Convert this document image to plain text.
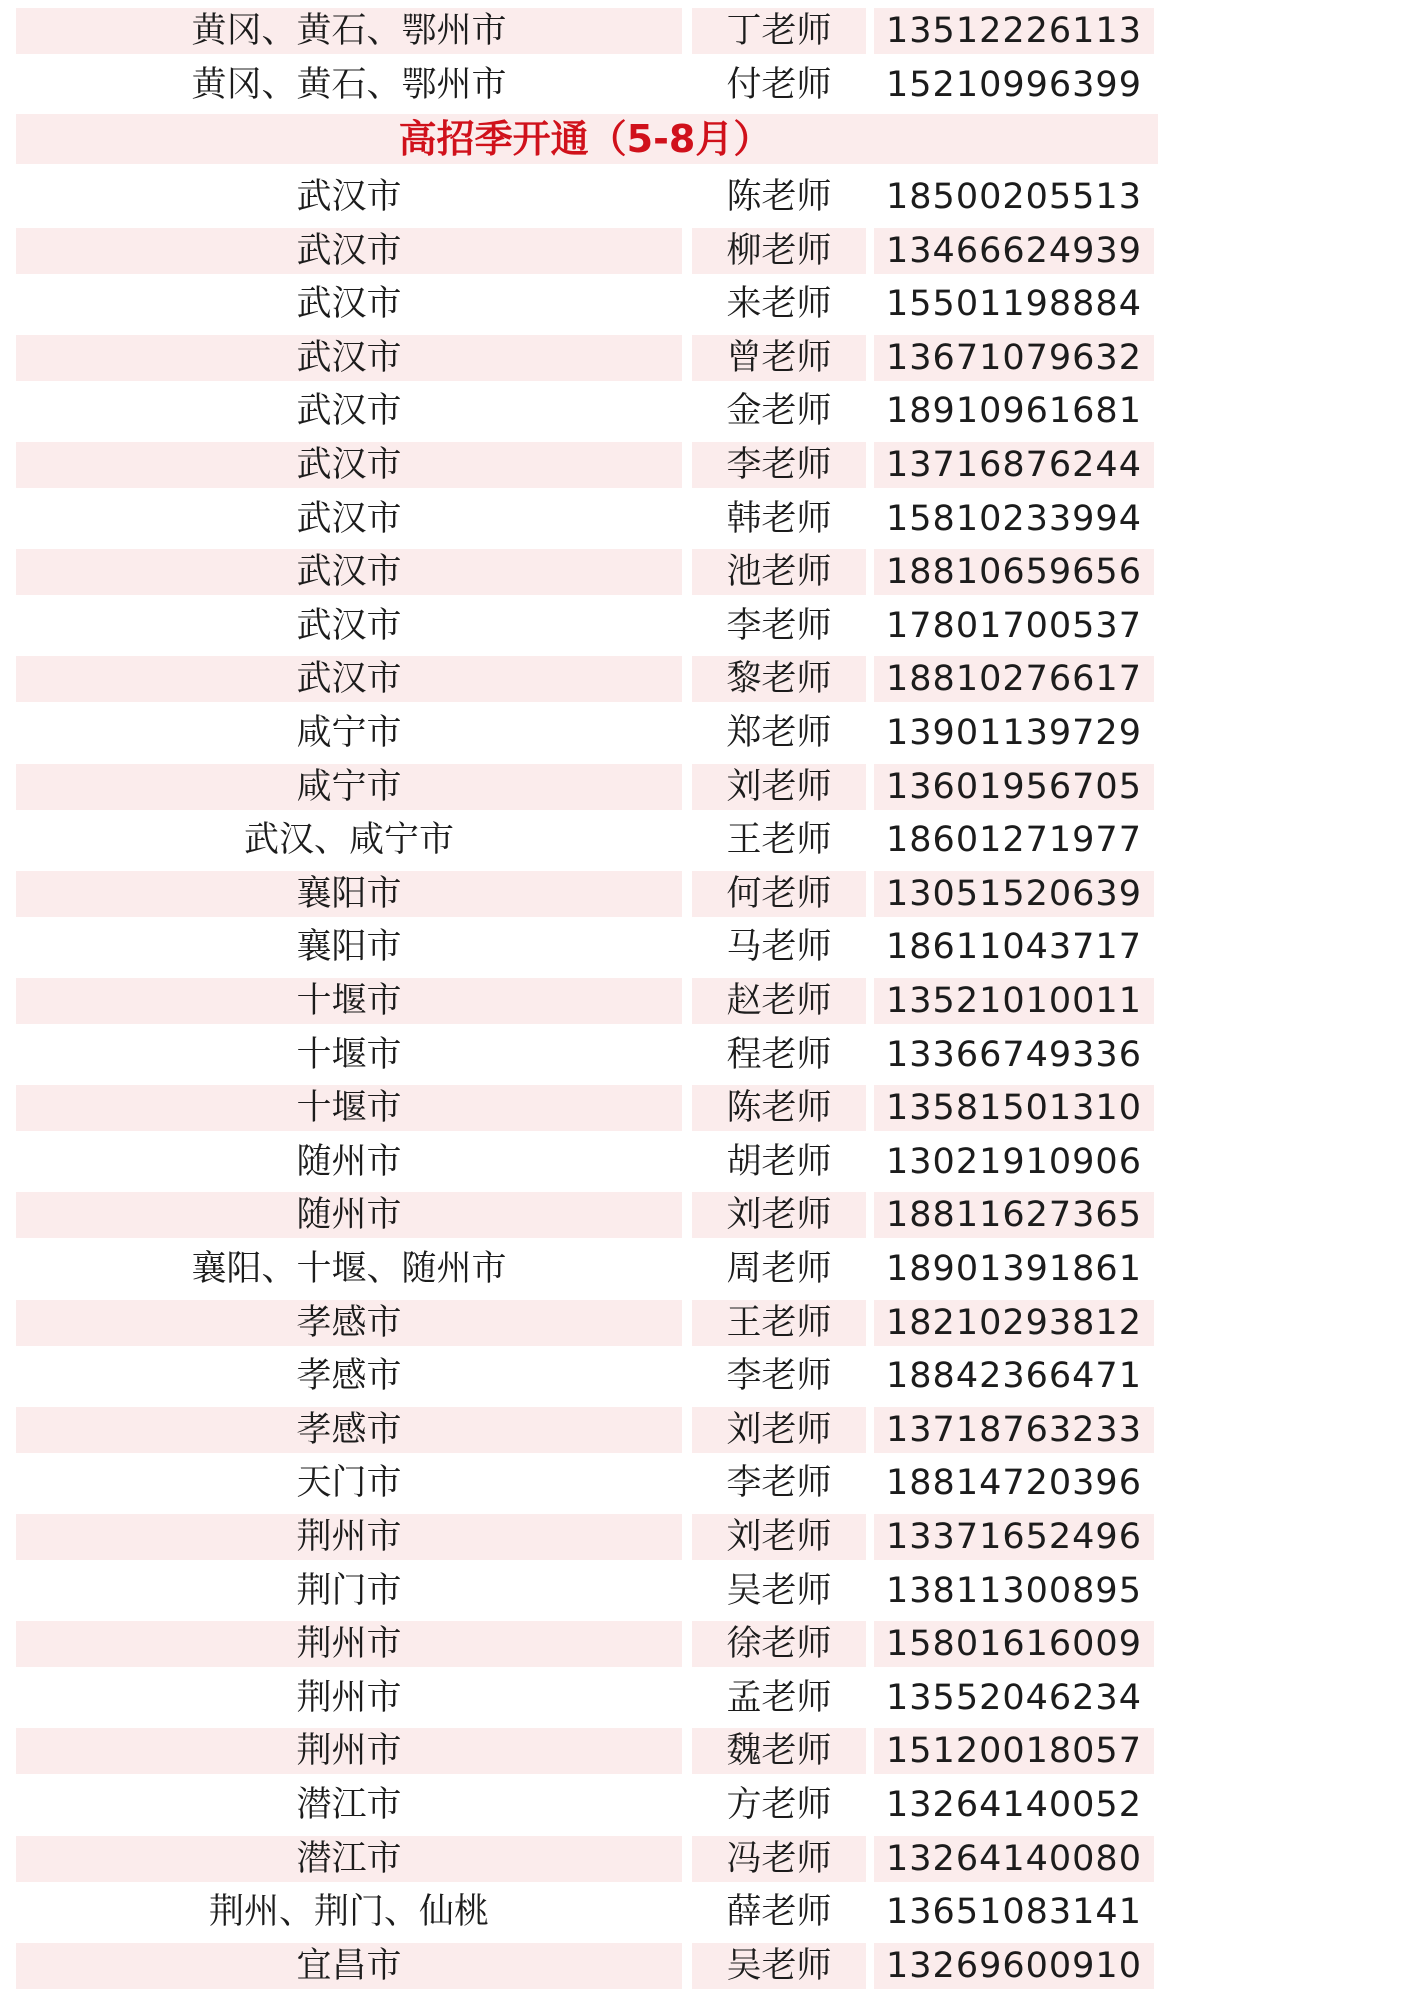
高招季开通（5-8月）
黄冈、黄石、鄂州市	丁老师	13512226113
黄冈、黄石、鄂州市	付老师	15210996399
武汉市	陈老师	18500205513
武汉市	柳老师	13466624939
武汉市	来老师	15501198884
武汉市	曾老师	13671079632
武汉市	金老师	18910961681
武汉市	李老师	13716876244
武汉市	韩老师	15810233994
武汉市	池老师	18810659656
武汉市	李老师	17801700537
武汉市	黎老师	18810276617
咸宁市	郑老师	13901139729
咸宁市	刘老师	13601956705
武汉、咸宁市	王老师	18601271977
襄阳市	何老师	13051520639
襄阳市	马老师	18611043717
十堰市	赵老师	13521010011
十堰市	程老师	13366749336
十堰市	陈老师	13581501310
随州市	胡老师	13021910906
随州市	刘老师	18811627365
襄阳、十堰、随州市	周老师	18901391861
孝感市	王老师	18210293812
孝感市	李老师	18842366471
孝感市	刘老师	13718763233
天门市	李老师	18814720396
荆州市	刘老师	13371652496
荆门市	吴老师	13811300895
荆州市	徐老师	15801616009
荆州市	孟老师	13552046234
荆州市	魏老师	15120018057
潜江市	方老师	13264140052
潜江市	冯老师	13264140080
荆州、荆门、仙桃	薛老师	13651083141
宜昌市	吴老师	13269600910
